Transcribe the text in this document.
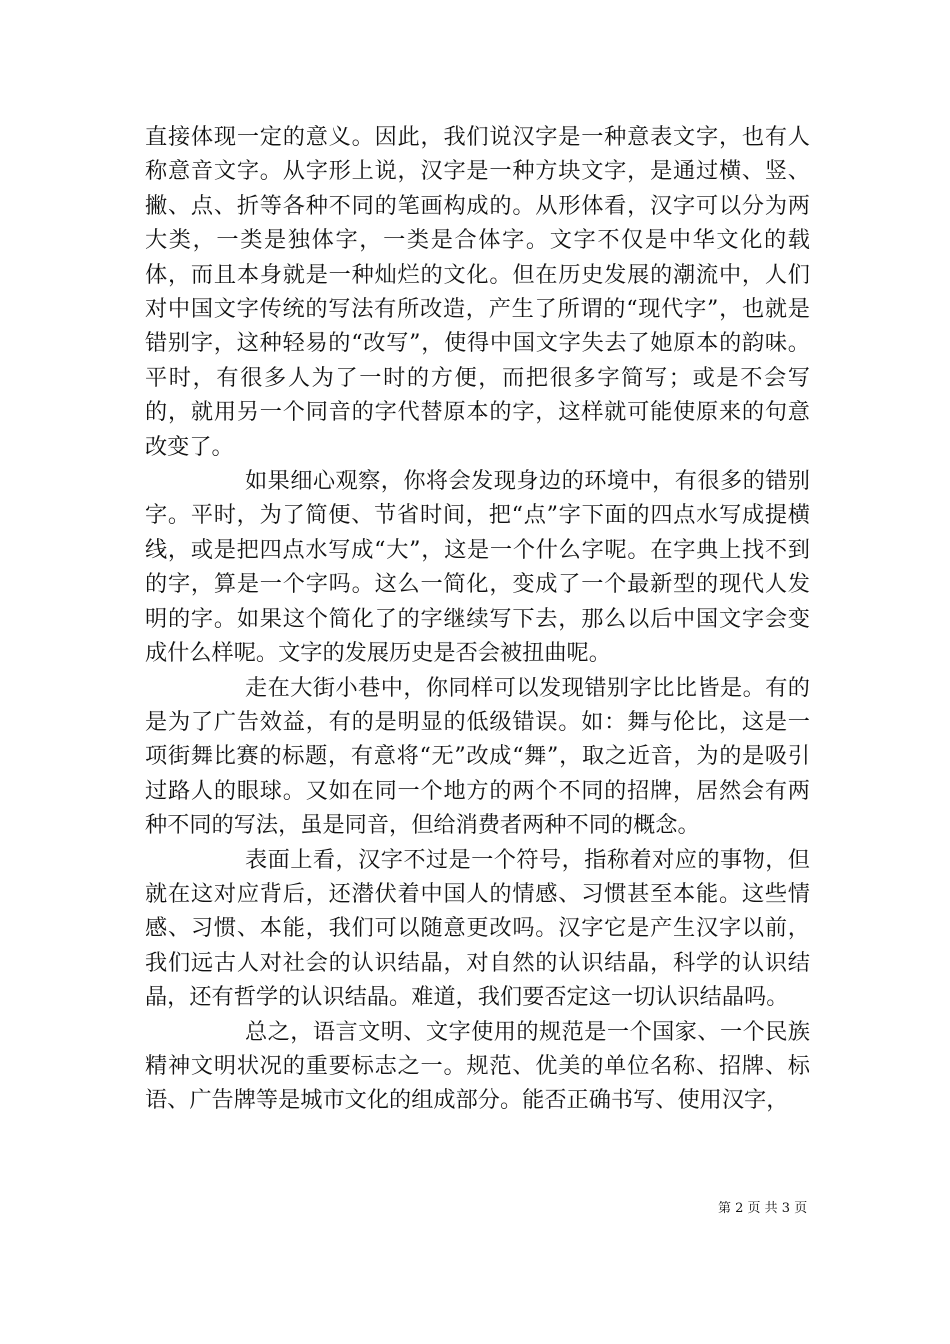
直接体现一定的意义。因此，我们说汉字是一种意表文字，也有人称意音文字。从字形上说，汉字是一种方块文字，是通过横、竖、撇、点、折等各种不同的笔画构成的。从形体看，汉字可以分为两大类，一类是独体字，一类是合体字。文字不仅是中华文化的载体，而且本身就是一种灿烂的文化。但在历史发展的潮流中，人们对中国文字传统的写法有所改造，产生了所谓的“现代字”，也就是错别字，这种轻易的“改写”，使得中国文字失去了她原本的韵味。平时，有很多人为了一时的方便，而把很多字简写；或是不会写的，就用另一个同音的字代替原本的字，这样就可能使原来的句意改变了。

如果细心观察，你将会发现身边的环境中，有很多的错别字。平时，为了简便、节省时间，把“点”字下面的四点水写成提横线，或是把四点水写成“大”，这是一个什么字呢。在字典上找不到的字，算是一个字吗。这么一简化，变成了一个最新型的现代人发明的字。如果这个简化了的字继续写下去，那么以后中国文字会变成什么样呢。文字的发展历史是否会被扭曲呢。

走在大街小巷中，你同样可以发现错别字比比皆是。有的是为了广告效益，有的是明显的低级错误。如：舞与伦比，这是一项街舞比赛的标题，有意将“无”改成“舞”，取之近音，为的是吸引过路人的眼球。又如在同一个地方的两个不同的招牌，居然会有两种不同的写法，虽是同音，但给消费者两种不同的概念。

表面上看，汉字不过是一个符号，指称着对应的事物，但就在这对应背后，还潜伏着中国人的情感、习惯甚至本能。这些情感、习惯、本能，我们可以随意更改吗。汉字它是产生汉字以前，我们远古人对社会的认识结晶，对自然的认识结晶，科学的认识结晶，还有哲学的认识结晶。难道，我们要否定这一切认识结晶吗。

总之，语言文明、文字使用的规范是一个国家、一个民族精神文明状况的重要标志之一。规范、优美的单位名称、招牌、标语、广告牌等是城市文化的组成部分。能否正确书写、使用汉字，

第 2 页 共 3 页
